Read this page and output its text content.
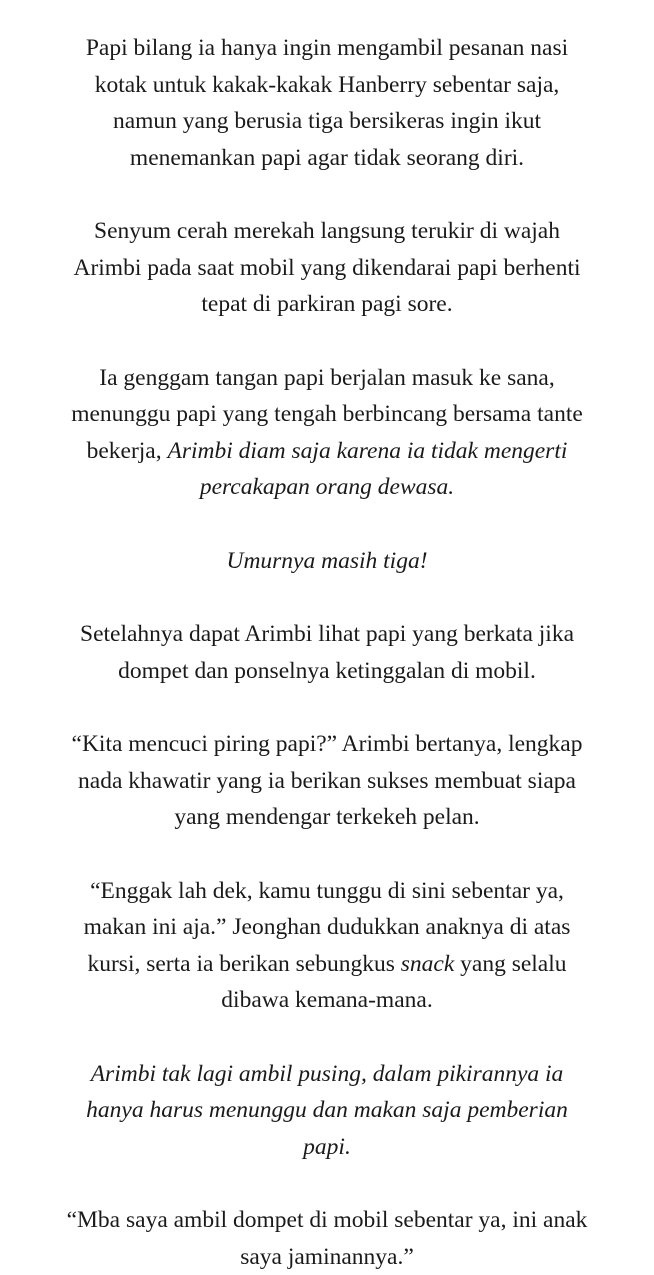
Papi bilang ia hanya ingin mengambil pesanan nasi
kotak untuk kakak-kakak Hanberry sebentar saja,
namun yang berusia tiga bersikeras ingin ikut
menemankan papi agar tidak seorang diri.

Senyum cerah merekah langsung terukir di wajah
Arimbi pada saat mobil yang dikendarai papi berhenti
tepat di parkiran pagi sore.

Ia genggam tangan papi berjalan masuk ke sana,
menunggu papi yang tengah berbincang bersama tante
bekerja, Arimbi diam saja karena ia tidak mengerti
percakapan orang dewasa.

Umurnya masih tiga!

Setelahnya dapat Arimbi lihat papi yang berkata jika
dompet dan ponselnya ketinggalan di mobil.

“Kita mencuci piring papi?” Arimbi bertanya, lengkap
nada khawatir yang ia berikan sukses membuat siapa
yang mendengar terkekeh pelan.

“Enggak lah dek, kamu tunggu di sini sebentar ya,
makan ini aja.” Jeonghan dudukkan anaknya di atas
kursi, serta ia berikan sebungkus snack yang selalu
dibawa kemana-mana.

Arimbi tak lagi ambil pusing, dalam pikirannya ia
hanya harus menunggu dan makan saja pemberian
papi.

“Mba saya ambil dompet di mobil sebentar ya, ini anak
saya jaminannya.”
